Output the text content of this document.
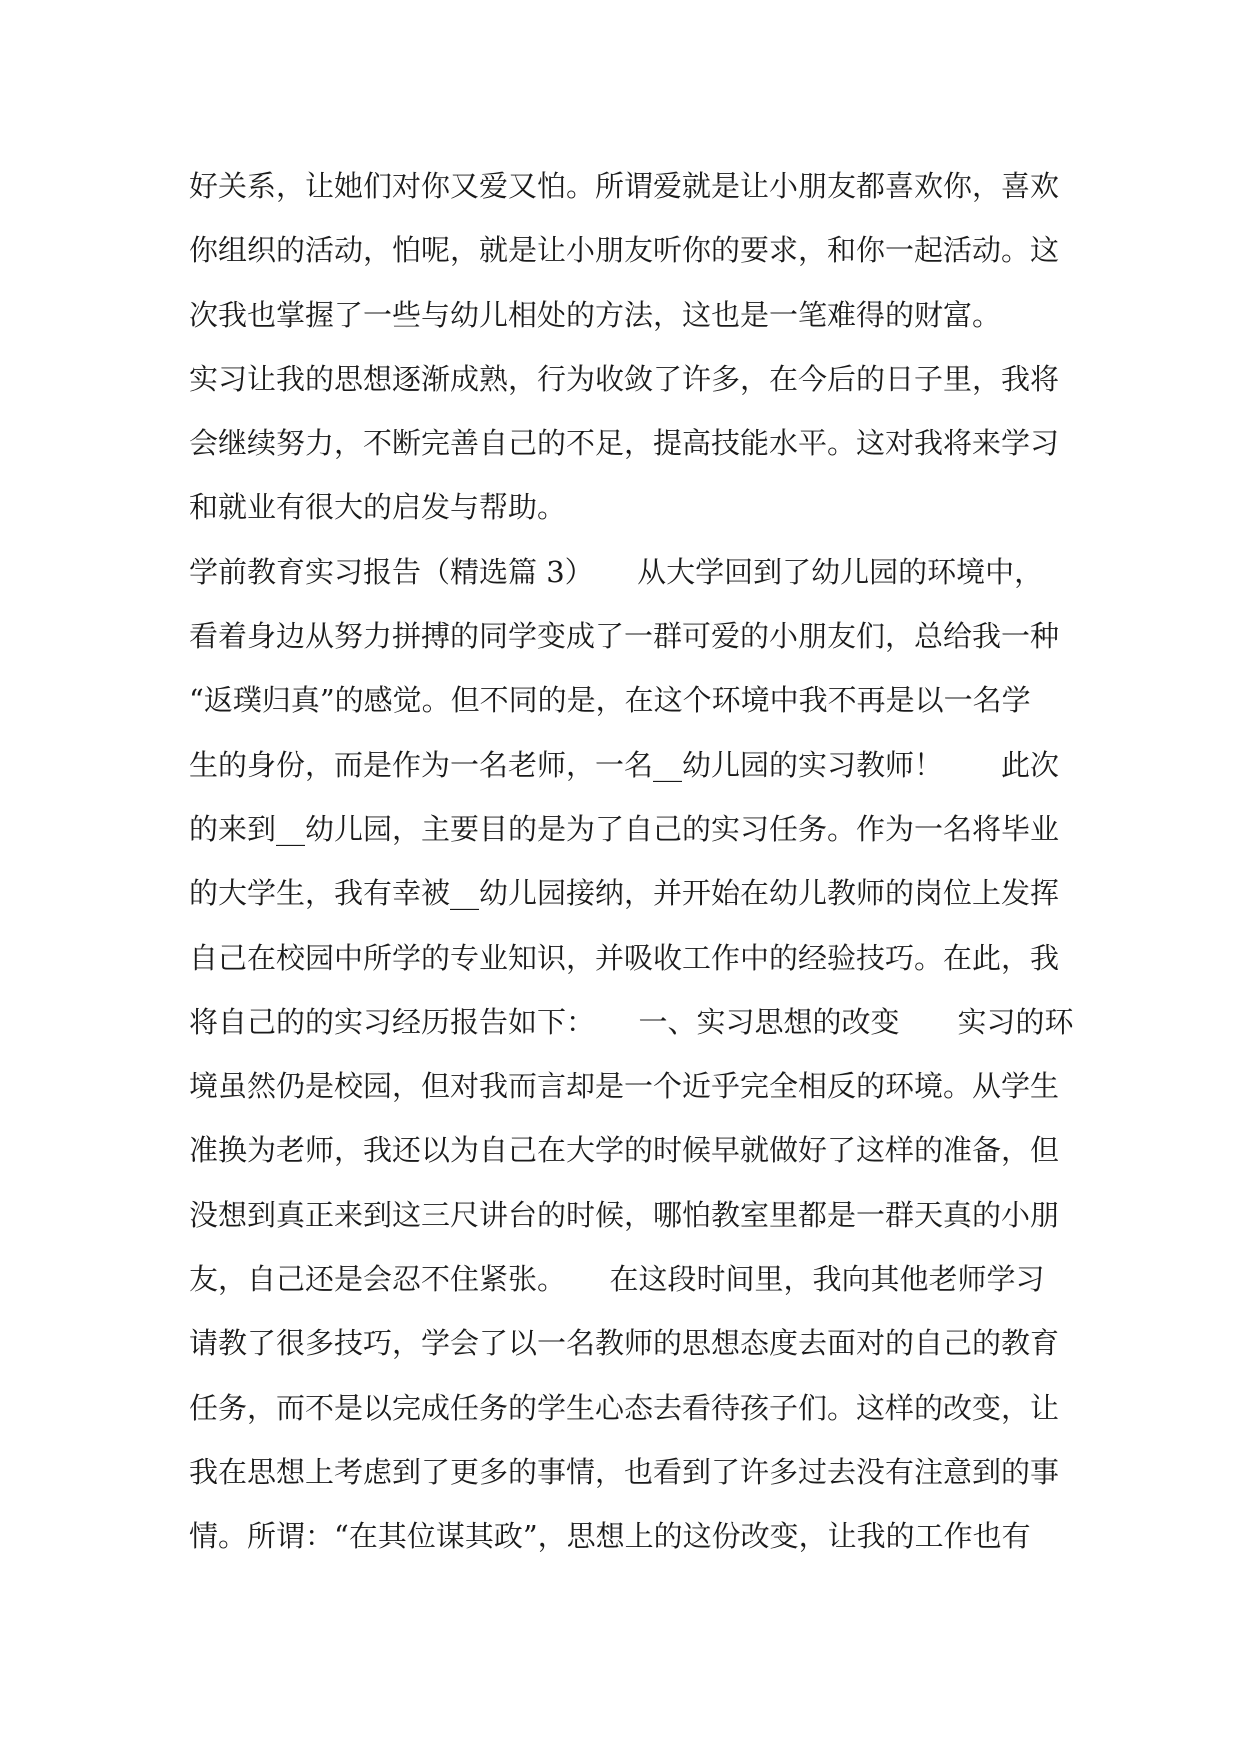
好关系，让她们对你又爱又怕。所谓爱就是让小朋友都喜欢你，喜欢
你组织的活动，怕呢，就是让小朋友听你的要求，和你一起活动。这
次我也掌握了一些与幼儿相处的方法，这也是一笔难得的财富。
实习让我的思想逐渐成熟，行为收敛了许多，在今后的日子里，我将
会继续努力，不断完善自己的不足，提高技能水平。这对我将来学习
和就业有很大的启发与帮助。
学前教育实习报告（精选篇 3）　　从大学回到了幼儿园的环境中，
看着身边从努力拼搏的同学变成了一群可爱的小朋友们，总给我一种
“返璞归真”的感觉。但不同的是，在这个环境中我不再是以一名学
生的身份，而是作为一名老师，一名__幼儿园的实习教师！　　此次
的来到__幼儿园，主要目的是为了自己的实习任务。作为一名将毕业
的大学生，我有幸被__幼儿园接纳，并开始在幼儿教师的岗位上发挥
自己在校园中所学的专业知识，并吸收工作中的经验技巧。在此，我
将自己的的实习经历报告如下：　　一、实习思想的改变　　实习的环
境虽然仍是校园，但对我而言却是一个近乎完全相反的环境。从学生
准换为老师，我还以为自己在大学的时候早就做好了这样的准备，但
没想到真正来到这三尺讲台的时候，哪怕教室里都是一群天真的小朋
友，自己还是会忍不住紧张。　　在这段时间里，我向其他老师学习
请教了很多技巧，学会了以一名教师的思想态度去面对的自己的教育
任务，而不是以完成任务的学生心态去看待孩子们。这样的改变，让
我在思想上考虑到了更多的事情，也看到了许多过去没有注意到的事
情。所谓：“在其位谋其政”，思想上的这份改变，让我的工作也有
